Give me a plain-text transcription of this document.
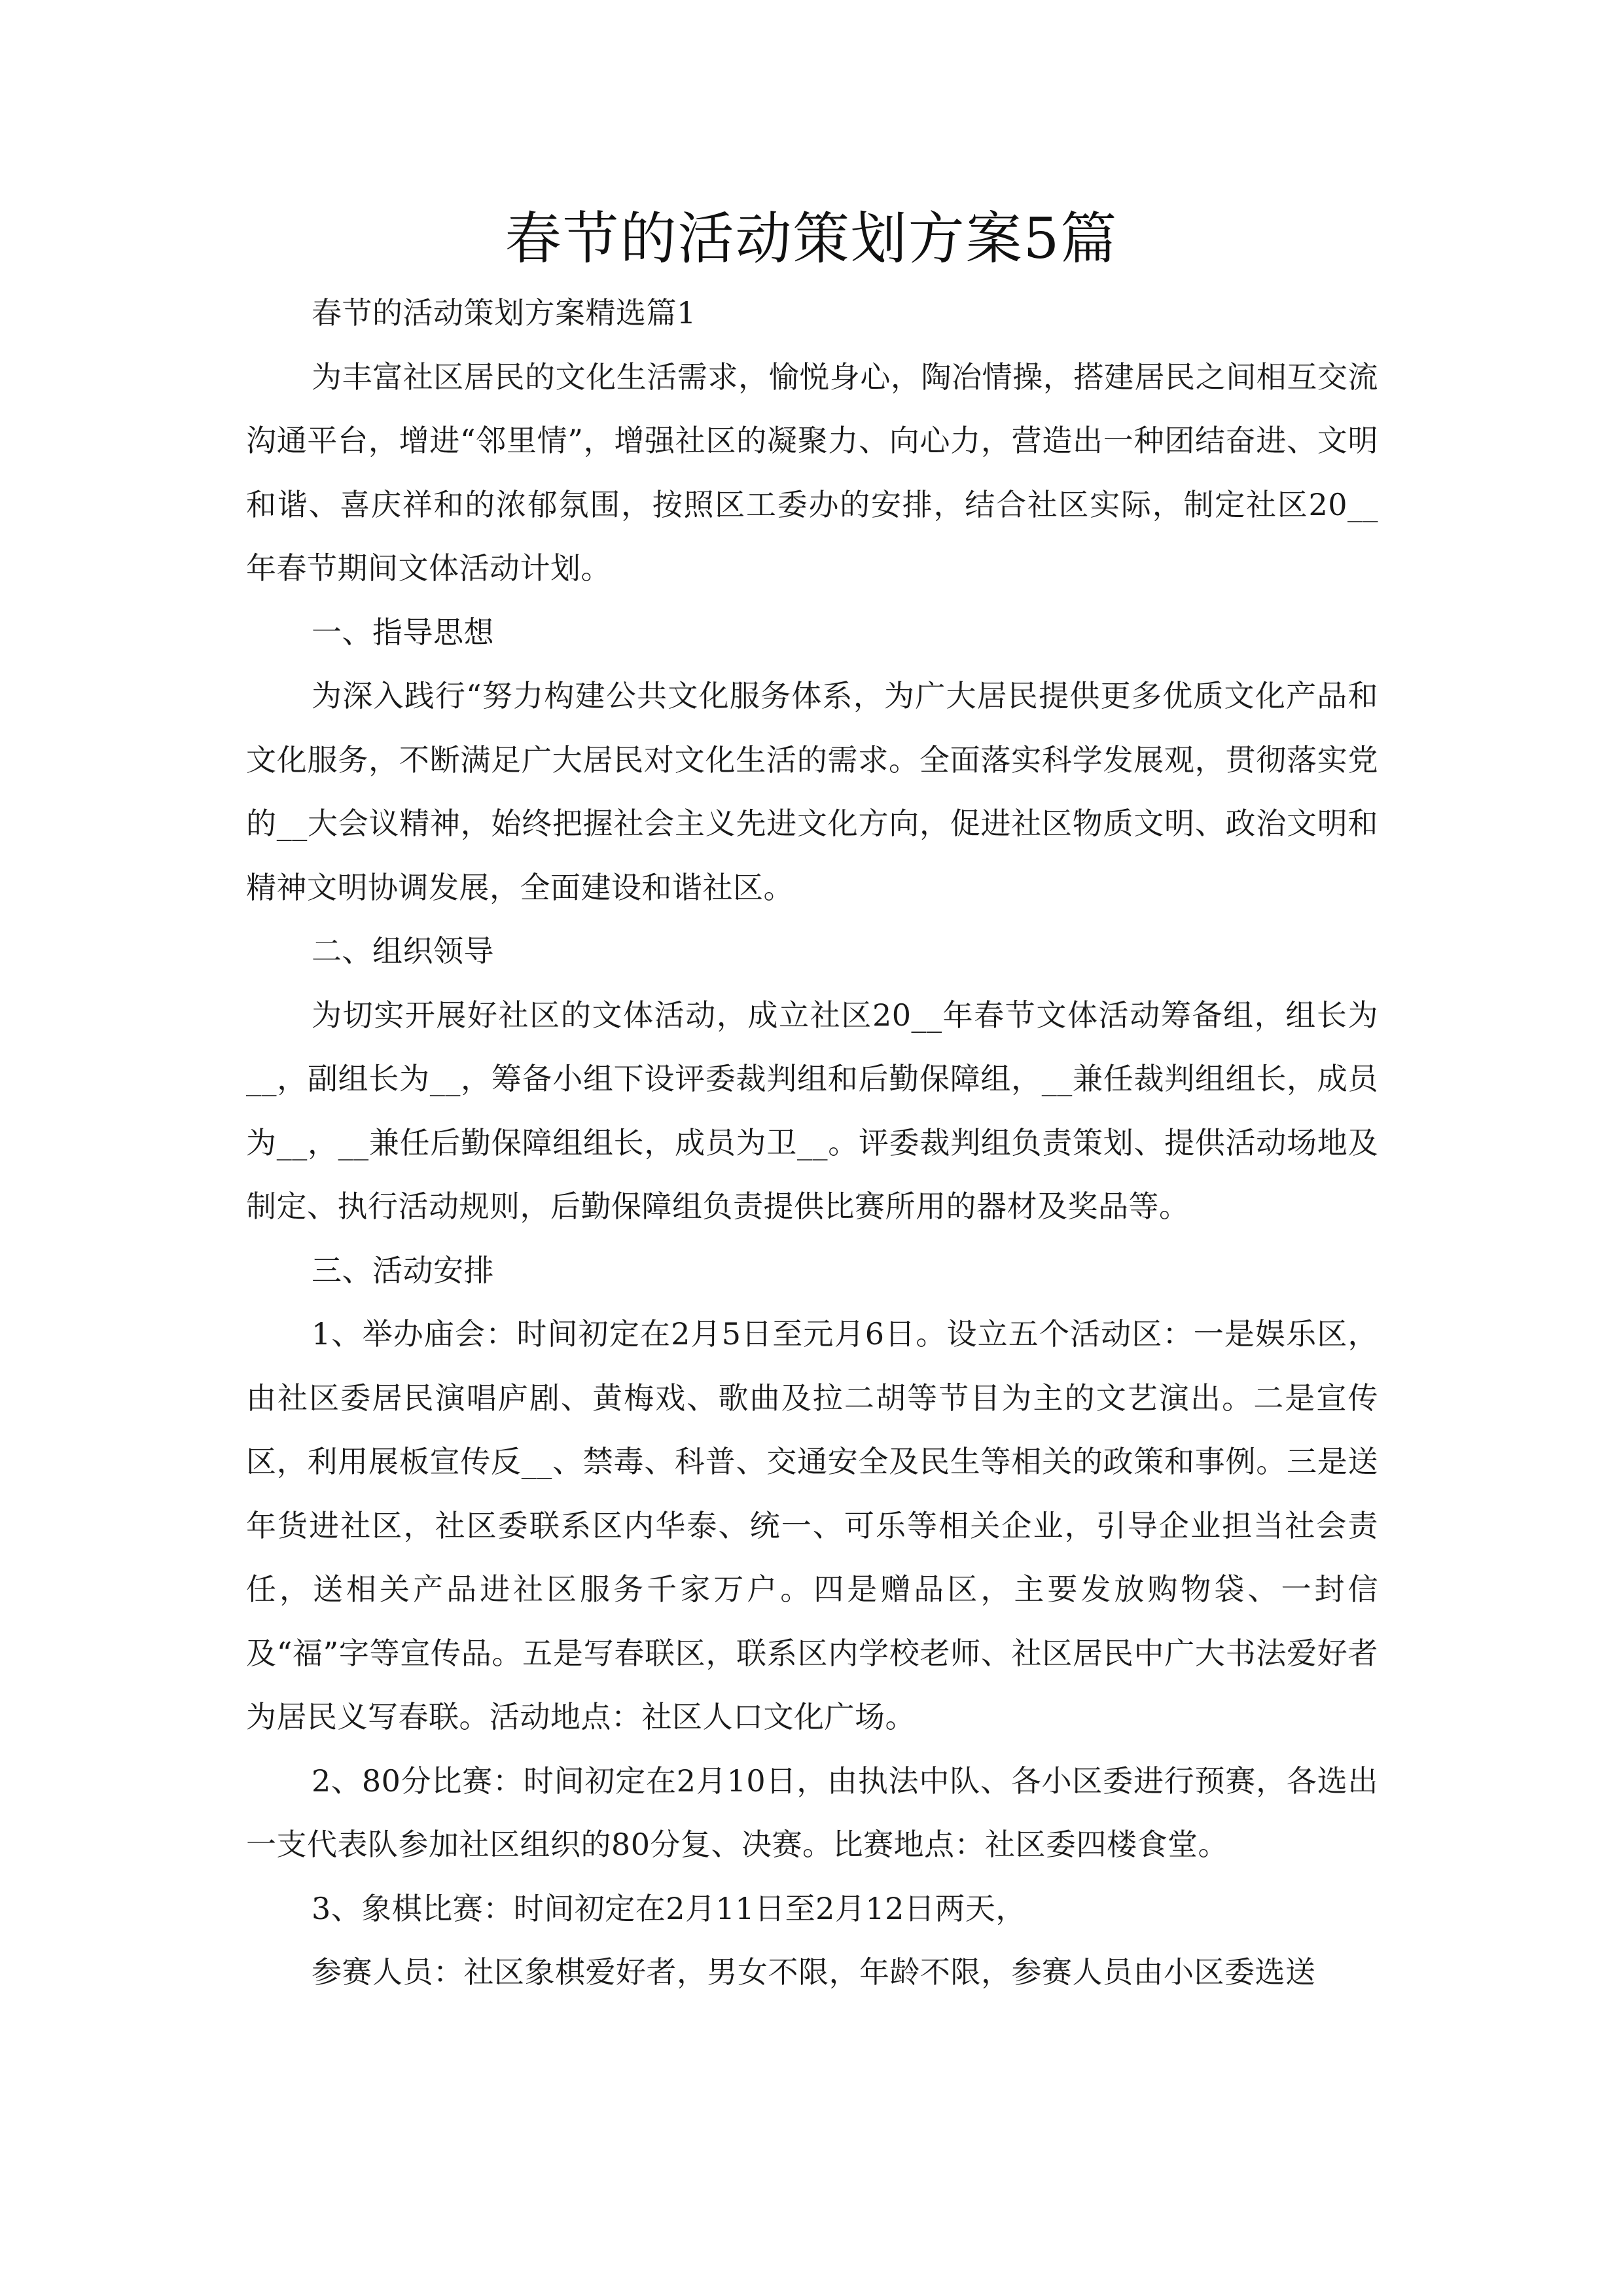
春节的活动策划方案5篇

春节的活动策划方案精选篇1

为丰富社区居民的文化生活需求，愉悦身心，陶冶情操，搭建居民之间相互交流沟通平台，增进“邻里情”，增强社区的凝聚力、向心力，营造出一种团结奋进、文明和谐、喜庆祥和的浓郁氛围，按照区工委办的安排，结合社区实际，制定社区20__年春节期间文体活动计划。

一、指导思想

为深入践行“努力构建公共文化服务体系，为广大居民提供更多优质文化产品和文化服务，不断满足广大居民对文化生活的需求。全面落实科学发展观，贯彻落实党的__大会议精神，始终把握社会主义先进文化方向，促进社区物质文明、政治文明和精神文明协调发展，全面建设和谐社区。

二、组织领导

为切实开展好社区的文体活动，成立社区20__年春节文体活动筹备组，组长为__，副组长为__，筹备小组下设评委裁判组和后勤保障组，__兼任裁判组组长，成员为__，__兼任后勤保障组组长，成员为卫__。评委裁判组负责策划、提供活动场地及制定、执行活动规则，后勤保障组负责提供比赛所用的器材及奖品等。

三、活动安排

1、举办庙会：时间初定在2月5日至元月6日。设立五个活动区：一是娱乐区，由社区委居民演唱庐剧、黄梅戏、歌曲及拉二胡等节目为主的文艺演出。二是宣传区，利用展板宣传反__、禁毒、科普、交通安全及民生等相关的政策和事例。三是送年货进社区，社区委联系区内华泰、统一、可乐等相关企业，引导企业担当社会责任，送相关产品进社区服务千家万户。四是赠品区，主要发放购物袋、一封信及“福”字等宣传品。五是写春联区，联系区内学校老师、社区居民中广大书法爱好者为居民义写春联。活动地点：社区人口文化广场。

2、80分比赛：时间初定在2月10日，由执法中队、各小区委进行预赛，各选出一支代表队参加社区组织的80分复、决赛。比赛地点：社区委四楼食堂。

3、象棋比赛：时间初定在2月11日至2月12日两天，

参赛人员：社区象棋爱好者，男女不限，年龄不限，参赛人员由小区委选送
